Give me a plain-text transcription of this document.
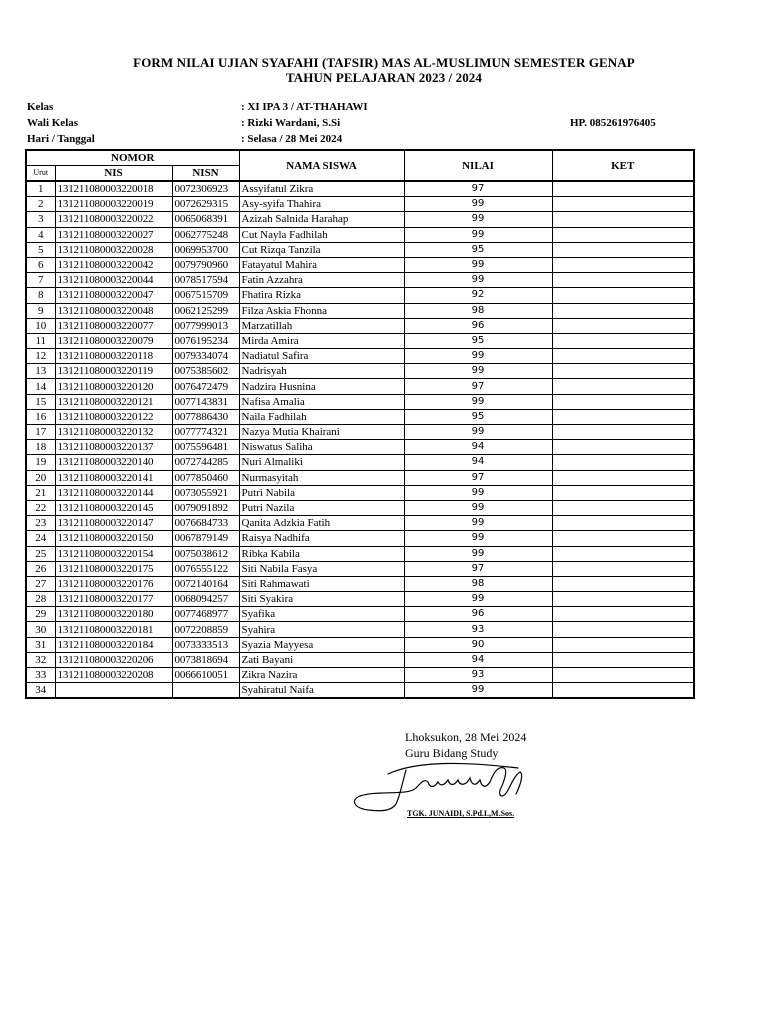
FORM NILAI UJIAN SYAFAHI (TAFSIR) MAS AL-MUSLIMUN SEMESTER GENAP
TAHUN PELAJARAN 2023 / 2024
Kelas	: XI IPA 3 / AT-THAHAWI
Wali Kelas	: Rizki Wardani, S.Si	HP. 085261976405
Hari / Tanggal	: Selasa / 28 Mei 2024
NOMOR			NAMA SISWA	NILAI	KET
Urut	NIS	NISN			
1	131211080003220018	0072306923	Assyifatul Zikra	97	
2	131211080003220019	0072629315	Asy-syifa Thahira	99	
3	131211080003220022	0065068391	Azizah Salnida Harahap	99	
4	131211080003220027	0062775248	Cut Nayla Fadhilah	99	
5	131211080003220028	0069953700	Cut Rizqa Tanzila	95	
6	131211080003220042	0079790960	Fatayatul Mahira	99	
7	131211080003220044	0078517594	Fatin Azzahra	99	
8	131211080003220047	0067515709	Fhatira Rizka	92	
9	131211080003220048	0062125299	Filza Askia Fhonna	98	
10	131211080003220077	0077999013	Marzatillah	96	
11	131211080003220079	0076195234	Mirda Amira	95	
12	131211080003220118	0079334074	Nadiatul Safira	99	
13	131211080003220119	0075385602	Nadrisyah	99	
14	131211080003220120	0076472479	Nadzira Husnina	97	
15	131211080003220121	0077143831	Nafisa Amalia	99	
16	131211080003220122	0077886430	Naila Fadhilah	95	
17	131211080003220132	0077774321	Nazya Mutia Khairani	99	
18	131211080003220137	0075596481	Niswatus Saliha	94	
19	131211080003220140	0072744285	Nuri Almaliki	94	
20	131211080003220141	0077850460	Nurmasyitah	97	
21	131211080003220144	0073055921	Putri Nabila	99	
22	131211080003220145	0079091892	Putri Nazila	99	
23	131211080003220147	0076684733	Qanita Adzkia Fatih	99	
24	131211080003220150	0067879149	Raisya Nadhifa	99	
25	131211080003220154	0075038612	Ribka Kabila	99	
26	131211080003220175	0076555122	Siti Nabila Fasya	97	
27	131211080003220176	0072140164	Siti Rahmawati	98	
28	131211080003220177	0068094257	Siti Syakira	99	
29	131211080003220180	0077468977	Syafika	96	
30	131211080003220181	0072208859	Syahira	93	
31	131211080003220184	0073333513	Syazia Mayyesa	90	
32	131211080003220206	0073818694	Zati Bayani	94	
33	131211080003220208	0066610051	Zikra Nazira	93	
34			Syahiratul Naifa	99	
Lhoksukon, 28 Mei 2024
Guru Bidang Study
TGK. JUNAIDI, S.Pd.I.,M.Sos.
